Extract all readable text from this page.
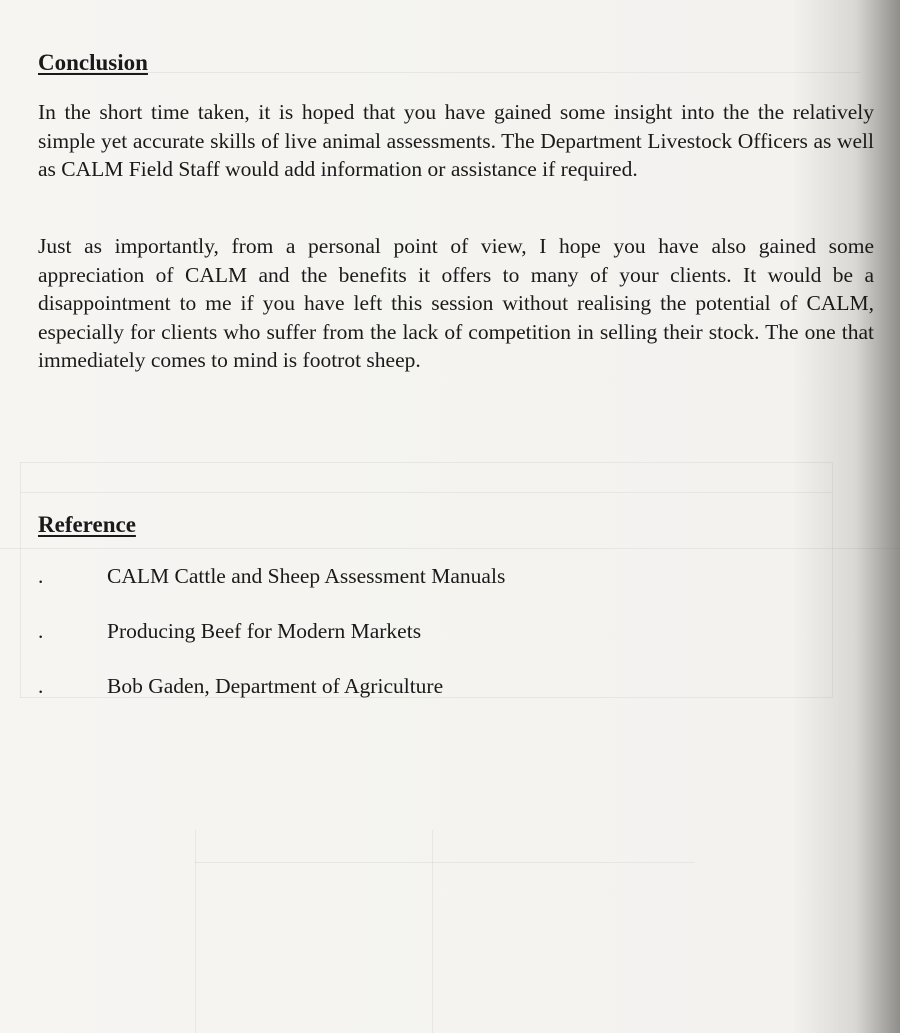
Conclusion

In the short time taken, it is hoped that you have gained some insight into the the relatively simple yet accurate skills of live animal assessments. The Department Livestock Officers as well as CALM Field Staff would add information or assistance if required.

Just as importantly, from a personal point of view, I hope you have also gained some appreciation of CALM and the benefits it offers to many of your clients. It would be a disappointment to me if you have left this session without realising the potential of CALM, especially for clients who suffer from the lack of competition in selling their stock. The one that immediately comes to mind is footrot sheep.

Reference
.	CALM Cattle and Sheep Assessment Manuals
.	Producing Beef for Modern Markets
.	Bob Gaden, Department of Agriculture
